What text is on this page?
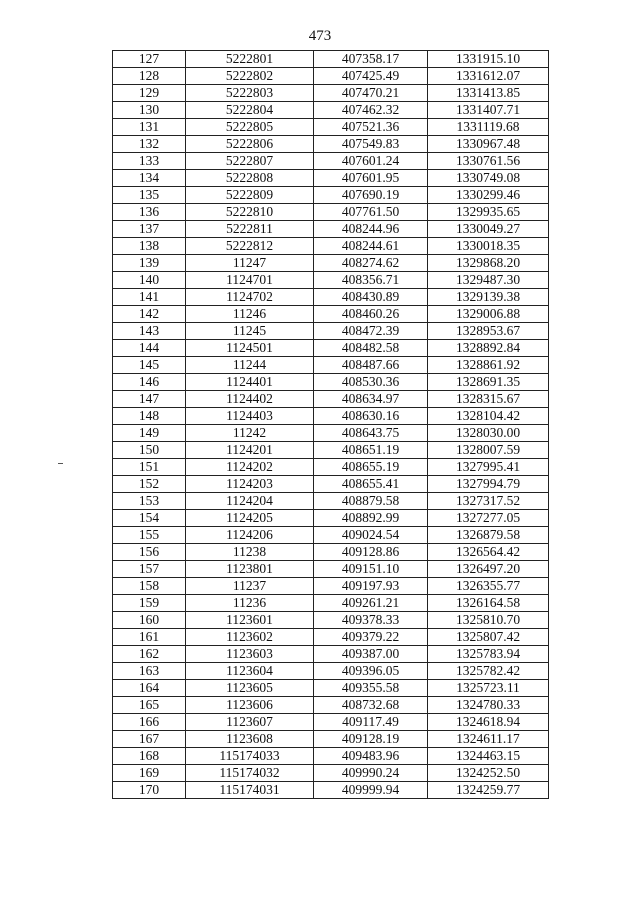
473
127	5222801	407358.17	1331915.10
128	5222802	407425.49	1331612.07
129	5222803	407470.21	1331413.85
130	5222804	407462.32	1331407.71
131	5222805	407521.36	1331119.68
132	5222806	407549.83	1330967.48
133	5222807	407601.24	1330761.56
134	5222808	407601.95	1330749.08
135	5222809	407690.19	1330299.46
136	5222810	407761.50	1329935.65
137	5222811	408244.96	1330049.27
138	5222812	408244.61	1330018.35
139	11247	408274.62	1329868.20
140	1124701	408356.71	1329487.30
141	1124702	408430.89	1329139.38
142	11246	408460.26	1329006.88
143	11245	408472.39	1328953.67
144	1124501	408482.58	1328892.84
145	11244	408487.66	1328861.92
146	1124401	408530.36	1328691.35
147	1124402	408634.97	1328315.67
148	1124403	408630.16	1328104.42
149	11242	408643.75	1328030.00
150	1124201	408651.19	1328007.59
151	1124202	408655.19	1327995.41
152	1124203	408655.41	1327994.79
153	1124204	408879.58	1327317.52
154	1124205	408892.99	1327277.05
155	1124206	409024.54	1326879.58
156	11238	409128.86	1326564.42
157	1123801	409151.10	1326497.20
158	11237	409197.93	1326355.77
159	11236	409261.21	1326164.58
160	1123601	409378.33	1325810.70
161	1123602	409379.22	1325807.42
162	1123603	409387.00	1325783.94
163	1123604	409396.05	1325782.42
164	1123605	409355.58	1325723.11
165	1123606	408732.68	1324780.33
166	1123607	409117.49	1324618.94
167	1123608	409128.19	1324611.17
168	115174033	409483.96	1324463.15
169	115174032	409990.24	1324252.50
170	115174031	409999.94	1324259.77
